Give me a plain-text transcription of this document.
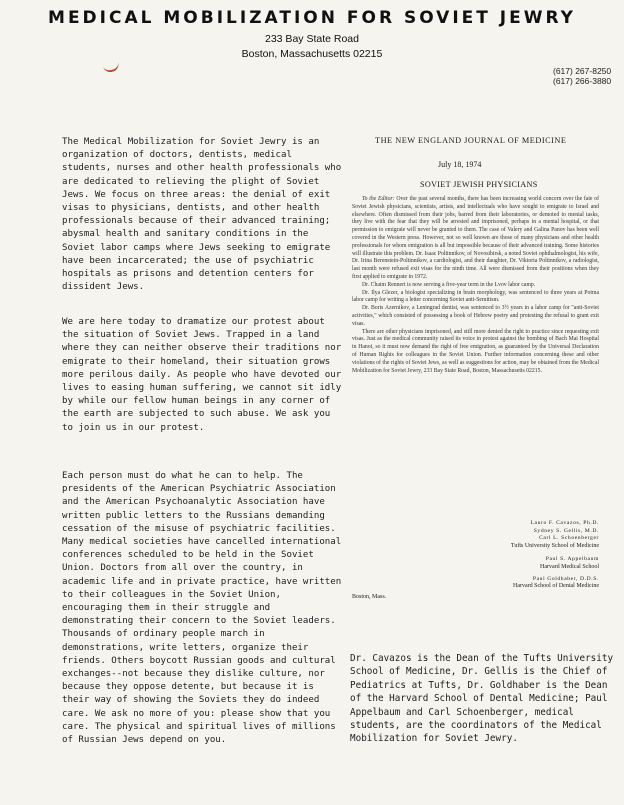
MEDICAL MOBILIZATION FOR SOVIET JEWRY
233 Bay State Road
Boston, Massachusetts 02215
(617) 267-8250
(617) 266-3880

The Medical Mobilization for Soviet Jewry is an organization of doctors, dentists, medical students, nurses and other health professionals who are dedicated to relieving the plight of Soviet Jews. We focus on three areas: the denial of exit visas to physicians, dentists, and other health professionals because of their advanced training; abysmal health and sanitary conditions in the Soviet labor camps where Jews seeking to emigrate have been incarcerated; the use of psychiatric hospitals as prisons and detention centers for dissident Jews.

We are here today to dramatize our protest about the situation of Soviet Jews. Trapped in a land where they can neither observe their traditions nor emigrate to their homeland, their situation grows more perilous daily. As people who have devoted our lives to easing human suffering, we cannot sit idly by while our fellow human beings in any corner of the earth are subjected to such abuse. We ask you to join us in our protest.

Each person must do what he can to help. The presidents of the American Psychiatric Association and the American Psychoanalytic Association have written public letters to the Russians demanding cessation of the misuse of psychiatric facilities. Many medical societies have cancelled international conferences scheduled to be held in the Soviet Union. Doctors from all over the country, in academic life and in private practice, have written to their colleagues in the Soviet Union, encouraging them in their struggle and demonstrating their concern to the Soviet leaders. Thousands of ordinary people march in demonstrations, write letters, organize their friends. Others boycott Russian goods and cultural exchanges--not because they dislike culture, nor because they oppose detente, but because it is their way of showing the Soviets they do indeed care. We ask no more of you: please show that you care. The physical and spiritual lives of millions of Russian Jews depend on you.

THE NEW ENGLAND JOURNAL OF MEDICINE
July 18, 1974
SOVIET JEWISH PHYSICIANS

To the Editor: Over the past several months, there has been increasing world concern over the fate of Soviet Jewish physicians, scientists, artists, and intellectuals who have sought to emigrate to Israel and elsewhere. Often dismissed from their jobs, barred from their laboratories, or demoted to menial tasks, they live with the fear that they will be arrested and imprisoned, perhaps in a mental hospital, or that permission to emigrate will never be granted to them. The case of Valery and Galina Panov has been well covered in the Western press. However, not so well known are those of many physicians and other health professionals for whom emigration is all but impossible because of their advanced training. Some histories will illustrate this problem. Dr. Isaac Poltinnikov, of Novosibirsk, a noted Soviet ophthalmologist, his wife, Dr. Irina Berenstein-Poltinnikov, a cardiologist, and their daughter, Dr. Viktoria Poltinnikov, a radiologist, last month were refused exit visas for the ninth time. All were dismissed from their positions when they first applied to emigrate in 1972.

Dr. Chaim Rennert is now serving a five-year term in the Lvov labor camp.

Dr. Ilya Glezer, a biologist specializing in brain morphology, was sentenced to three years at Potma labor camp for writing a letter concerning Soviet anti-Semitism.

Dr. Boris Azernikov, a Leningrad dentist, was sentenced to 3½ years in a labor camp for "anti-Soviet activities," which consisted of possessing a book of Hebrew poetry and protesting the refusal to grant exit visas.

There are other physicians imprisoned, and still more denied the right to practice since requesting exit visas. Just as the medical community raised its voice in protest against the bombing of Bach Mai Hospital in Hanoi, so it must now demand the right of free emigration, as guaranteed by the Universal Declaration of Human Rights for colleagues in the Soviet Union. Further information concerning these and other violations of the rights of Soviet Jews, as well as suggestions for action, may be obtained from the Medical Mobilization for Soviet Jewry, 233 Bay State Road, Boston, Massachusetts 02215.

Lauro F. Cavazos, Ph.D.
Sydney S. Gellis, M.D.
Carl L. Schoenberger
Tufts University School of Medicine
Paul S. Appelbaum
Harvard Medical School
Paul Goldhaber, D.D.S.
Harvard School of Dental Medicine
Boston, Mass.

Dr. Cavazos is the Dean of the Tufts University School of Medicine, Dr. Gellis is the Chief of Pediatrics at Tufts, Dr. Goldhaber is the Dean of the Harvard School of Dental Medicine; Paul Appelbaum and Carl Schoenberger, medical students, are the coordinators of the Medical Mobilization for Soviet Jewry.
